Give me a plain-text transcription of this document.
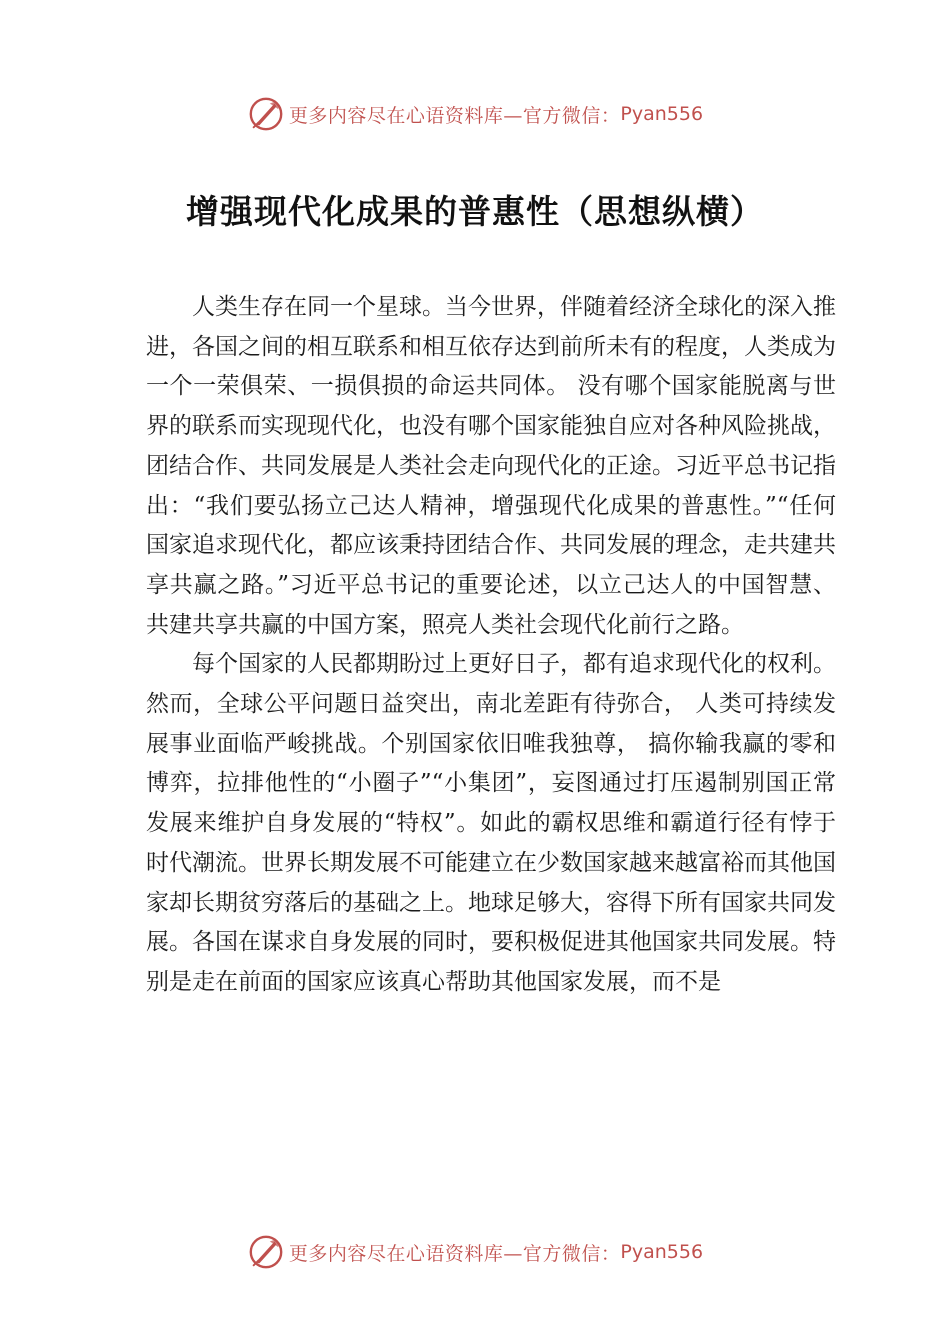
更多内容尽在心语资料库—官方微信： Pyan556
增强现代化成果的普惠性（思想纵横）

人类生存在同一个星球。当今世界，伴随着经济全球化的深入推进，各国之间的相互联系和相互依存达到前所未有的程度，人类成为一个一荣俱荣、一损俱损的命运共同体。 没有哪个国家能脱离与世界的联系而实现现代化，也没有哪个国家能独自应对各种风险挑战，团结合作、共同发展是人类社会走向现代化的正途。习近平总书记指出：“我们要弘扬立己达人精神，增强现代化成果的普惠性。”“任何国家追求现代化，都应该秉持团结合作、共同发展的理念，走共建共享共赢之路。”习近平总书记的重要论述，以立己达人的中国智慧、共建共享共赢的中国方案，照亮人类社会现代化前行之路。

每个国家的人民都期盼过上更好日子，都有追求现代化的权利。然而，全球公平问题日益突出，南北差距有待弥合， 人类可持续发展事业面临严峻挑战。个别国家依旧唯我独尊， 搞你输我赢的零和博弈，拉排他性的“小圈子”“小集团”，妄图通过打压遏制别国正常发展来维护自身发展的“特权”。如此的霸权思维和霸道行径有悖于时代潮流。世界长期发展不可能建立在少数国家越来越富裕而其他国家却长期贫穷落后的基础之上。地球足够大，容得下所有国家共同发展。各国在谋求自身发展的同时，要积极促进其他国家共同发展。特别是走在前面的国家应该真心帮助其他国家发展，而不是

更多内容尽在心语资料库—官方微信： Pyan556
